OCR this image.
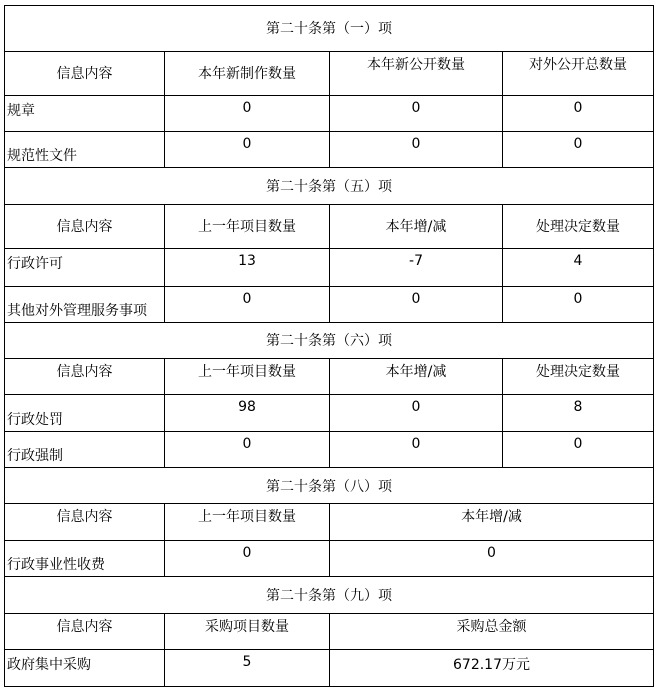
第二十条第（一）项			
信息内容	本年新制作数量	本年新公开数量	对外公开总数量
规章	0	0	0
规范性文件	0	0	0
第二十条第（五）项			
信息内容	上一年项目数量	本年增/减	处理决定数量
行政许可	13	-7	4
其他对外管理服务事项	0	0	0
第二十条第（六）项			
信息内容	上一年项目数量	本年增/减	处理决定数量
行政处罚	98	0	8
行政强制	0	0	0
第二十条第（八）项			
信息内容	上一年项目数量	本年增/减	
行政事业性收费	0	0	
第二十条第（九）项			
信息内容	采购项目数量	采购总金额	
政府集中采购	5	672.17万元	
